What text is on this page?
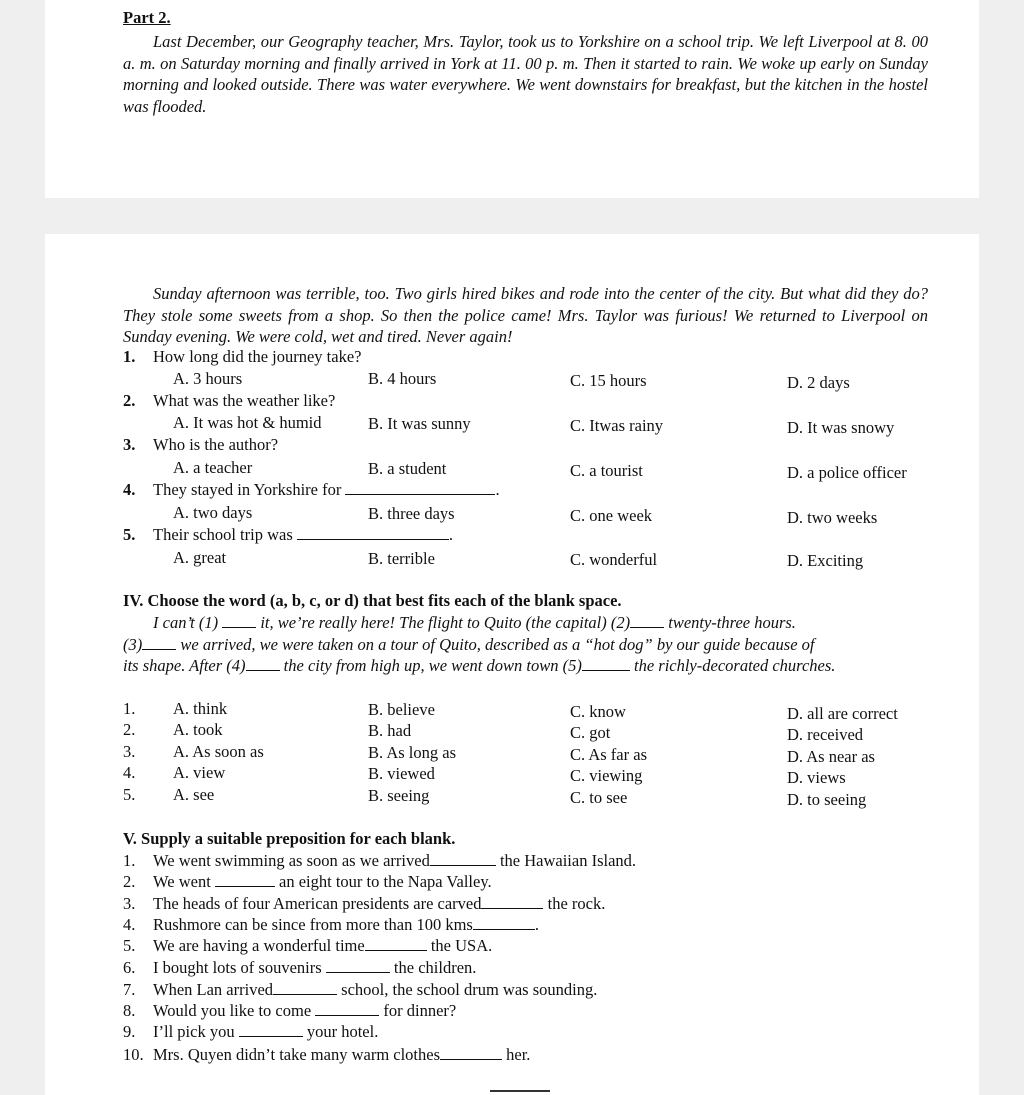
Part 2.
Last December, our Geography teacher, Mrs. Taylor, took us to Yorkshire on a school trip. We left Liverpool at 8. 00 a. m. on Saturday morning and finally arrived in York at 11. 00 p. m. Then it started to rain. We woke up early on Sunday morning and looked outside. There was water everywhere. We went downstairs for breakfast, but the kitchen in the hostel was flooded.
Sunday afternoon was terrible, too. Two girls hired bikes and rode into the center of the city. But what did they do? They stole some sweets from a shop. So then the police came! Mrs. Taylor was furious! We returned to Liverpool on Sunday evening. We were cold, wet and tired. Never again!
1. How long did the journey take?
A. 3 hours	B. 4 hours	C. 15 hours	D. 2 days
2. What was the weather like?
A. It was hot & humid	B. It was sunny	C. Itwas rainy	D. It was snowy
3. Who is the author?
A. a teacher	B. a student	C. a tourist	D. a police officer
4. They stayed in Yorkshire for	.
A. two days	B. three days	C. one week	D. two weeks
5. Their school trip was	.
A. great	B. terrible	C. wonderful	D. Exciting
IV. Choose the word (a, b, c, or d) that best fits each of the blank space.
I can’t (1)	it, we’re really here! The flight to Quito (the capital) (2) twenty-three hours.
(3) we arrived, we were taken on a tour of Quito, described as a “hot dog” by our guide because of
its shape. After (4) the city from high up, we went down town (5)	the richly-decorated churches.
1. A. think	B. believe	C. know	D. all are correct
2. A. took	B. had	C. got	D. received
3. A. As soon as	B. As long as	C. As far as	D. As near as
4. A. view	B. viewed	C. viewing	D. views
5. A. see	B. seeing	C. to see	D. to seeing
V. Supply a suitable preposition for each blank.
1. We went swimming as soon as we arrived	the Hawaiian Island.
2. We went	an eight tour to the Napa Valley.
3. The heads of four American presidents are carved	the rock.
4. Rushmore can be since from more than 100 kms	.
5. We are having a wonderful time	the USA.
6. I bought lots of souvenirs	the children.
7. When Lan arrived	school, the school drum was sounding.
8. Would you like to come	for dinner?
9. I’ll pick you	your hotel.
10. Mrs. Quyen didn’t take many warm clothes	her.
